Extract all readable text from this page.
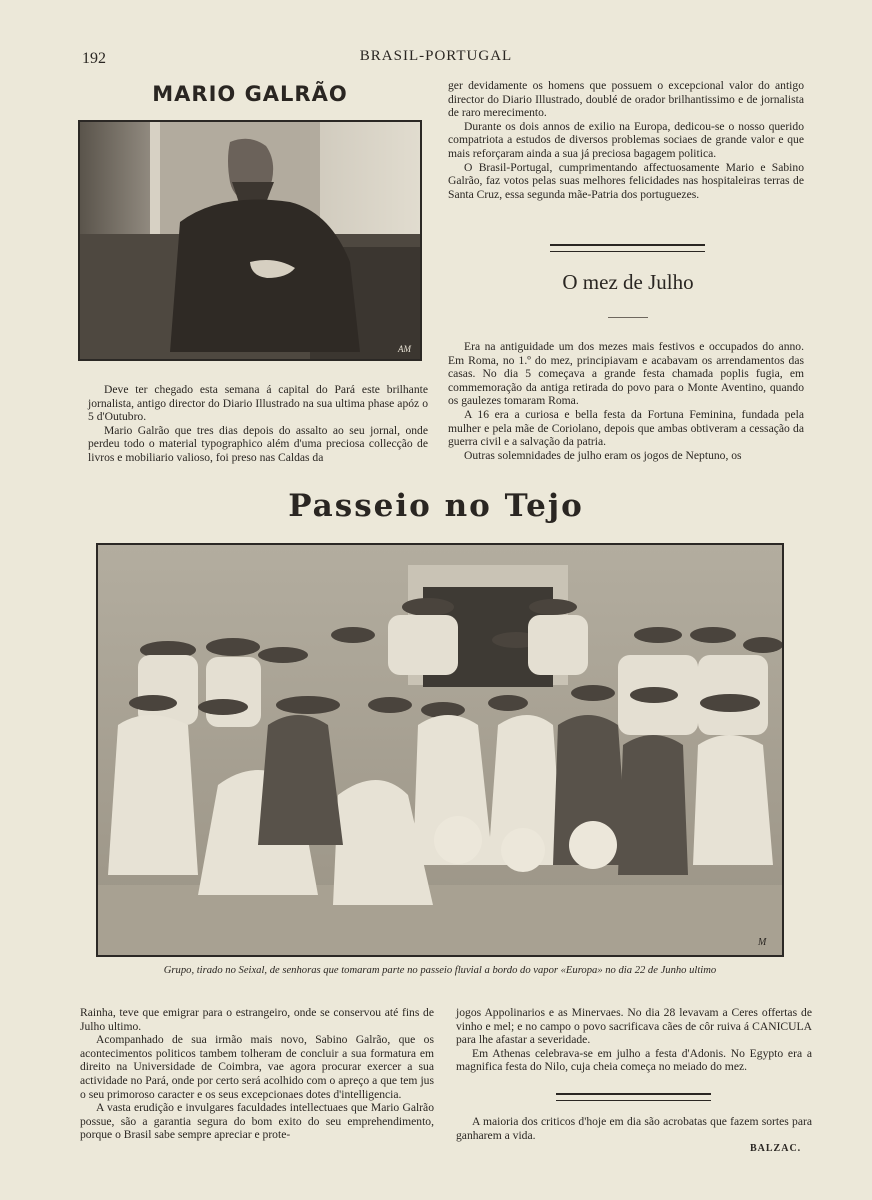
192	BRASIL-PORTUGAL
MARIO GALRÃO
AM

Deve ter chegado esta semana á capital do Pará este brilhante jornalista, antigo director do Diario Illustrado na sua ultima phase apóz o 5 d'Outubro.

Mario Galrão que tres dias depois do assalto ao seu jornal, onde perdeu todo o material typographico além d'uma preciosa collecção de livros e mobiliario valioso, foi preso nas Caldas da

ger devidamente os homens que possuem o excepcional valor do antigo director do Diario Illustrado, doublé de orador brilhantissimo e de jornalista de raro merecimento.

Durante os dois annos de exilio na Europa, dedicou-se o nosso querido compatriota a estudos de diversos problemas sociaes de grande valor e que mais reforçaram ainda a sua já preciosa bagagem politica.

O Brasil-Portugal, cumprimentando affectuosamente Mario e Sabino Galrão, faz votos pelas suas melhores felicidades nas hospitaleiras terras de Santa Cruz, essa segunda mãe-Patria dos portuguezes.

O mez de Julho

Era na antiguidade um dos mezes mais festivos e occupados do anno. Em Roma, no 1.º do mez, principiavam e acabavam os arrendamentos das casas. No dia 5 começava a grande festa chamada poplis fugia, em commemoração da antiga retirada do povo para o Monte Aventino, quando os gaulezes tomaram Roma.

A 16 era a curiosa e bella festa da Fortuna Feminina, fundada pela mulher e pela mãe de Coriolano, depois que ambas obtiveram a cessação da guerra civil e a salvação da patria.

Outras solemnidades de julho eram os jogos de Neptuno, os

Passeio no Tejo
M
Grupo, tirado no Seixal, de senhoras que tomaram parte no passeio fluvial a bordo do vapor «Europa» no dia 22 de Junho ultimo

Rainha, teve que emigrar para o estrangeiro, onde se conservou até fins de Julho ultimo.

Acompanhado de sua irmão mais novo, Sabino Galrão, que os acontecimentos politicos tambem tolheram de concluir a sua formatura em direito na Universidade de Coimbra, vae agora procurar exercer a sua actividade no Pará, onde por certo será acolhido com o apreço a que tem jus o seu primoroso caracter e os seus excepcionaes dotes d'intelligencia.

A vasta erudição e invulgares faculdades intellectuaes que Mario Galrão possue, são a garantia segura do bom exito do seu emprehendimento, porque o Brasil sabe sempre apreciar e prote-

jogos Appolinarios e as Minervaes. No dia 28 levavam a Ceres offertas de vinho e mel; e no campo o povo sacrificava cães de côr ruiva á CANICULA para lhe afastar a severidade.

Em Athenas celebrava-se em julho a festa d'Adonis. No Egypto era a magnifica festa do Nilo, cuja cheia começa no meiado do mez.

A maioria dos criticos d'hoje em dia são acrobatas que fazem sortes para ganharem a vida.

BALZAC.
